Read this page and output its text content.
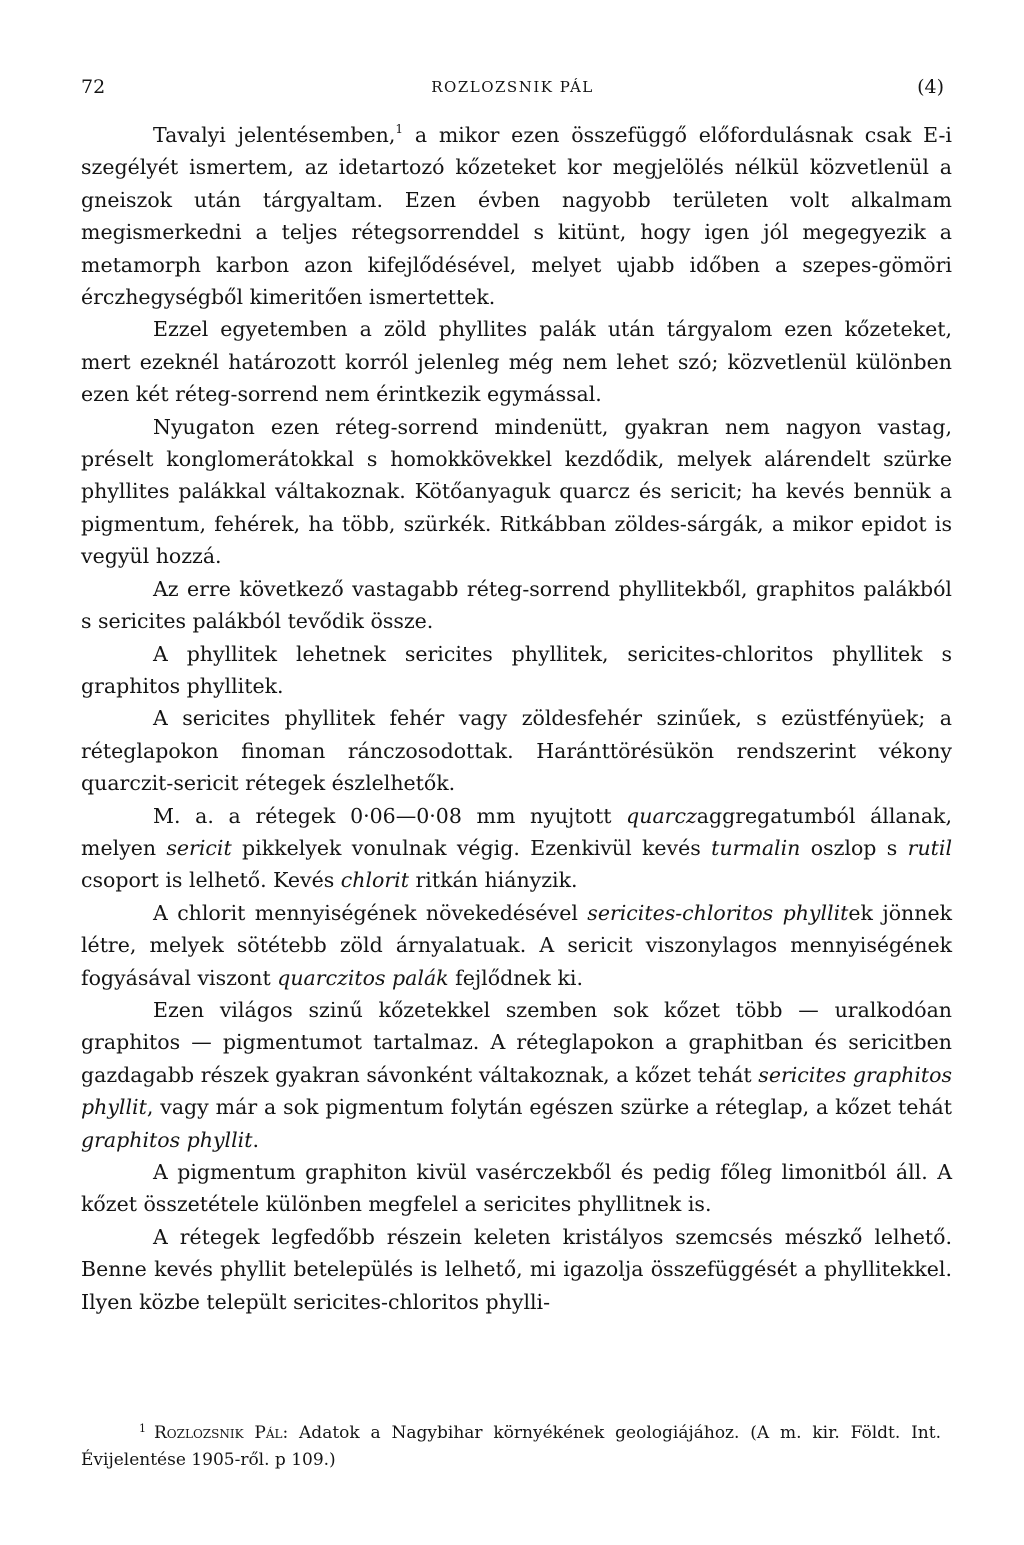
72	ROZLOZSNIK PÁL	(4)

Tavalyi jelentésemben,$^1$ a mikor ezen összefüggő előfordulásnak csak E-i szegélyét ismertem, az idetartozó kőzeteket kor megjelölés nélkül közvetlenül a gneiszok után tárgyaltam. Ezen évben nagyobb területen volt alkalmam megismerkedni a teljes rétegsorrenddel s kitünt, hogy igen jól megegyezik a metamorph karbon azon kifejlődésével, melyet ujabb időben a szepes-gömöri érczhegységből kimeritően ismertettek.

Ezzel egyetemben a zöld phyllites palák után tárgyalom ezen kőzeteket, mert ezeknél határozott korról jelenleg még nem lehet szó; közvetlenül különben ezen két réteg-sorrend nem érintkezik egymással.

Nyugaton ezen réteg-sorrend mindenütt, gyakran nem nagyon vastag, préselt konglomerátokkal s homokkövekkel kezdődik, melyek alárendelt szürke phyllites palákkal váltakoznak. Kötőanyaguk quarcz és sericit; ha kevés bennük a pigmentum, fehérek, ha több, szürkék. Ritkábban zöldes-sárgák, a mikor epidot is vegyül hozzá.

Az erre következő vastagabb réteg-sorrend phyllitekből, graphitos palákból s sericites palákból tevődik össze.

A phyllitek lehetnek sericites phyllitek, sericites-chloritos phyllitek s graphitos phyllitek.

A sericites phyllitek fehér vagy zöldesfehér szinűek, s ezüstfényüek; a réteglapokon finoman ránczosodottak. Haránttörésükön rendszerint vékony quarczit-sericit rétegek észlelhetők.

M. a. a rétegek 0·06—0·08 mm nyujtott quarczaggregatumból állanak, melyen sericit pikkelyek vonulnak végig. Ezenkivül kevés turmalin oszlop s rutil csoport is lelhető. Kevés chlorit ritkán hiányzik.

A chlorit mennyiségének növekedésével sericites-chloritos phyllitek jönnek létre, melyek sötétebb zöld árnyalatuak. A sericit viszonylagos mennyiségének fogyásával viszont quarczitos palák fejlődnek ki.

Ezen világos szinű kőzetekkel szemben sok kőzet több — uralkodóan graphitos — pigmentumot tartalmaz. A réteglapokon a graphitban és sericitben gazdagabb részek gyakran sávonként váltakoznak, a kőzet tehát sericites graphitos phyllit, vagy már a sok pigmentum folytán egészen szürke a réteglap, a kőzet tehát graphitos phyllit.

A pigmentum graphiton kivül vasérczekből és pedig főleg limonitból áll. A kőzet összetétele különben megfelel a sericites phyllitnek is.

A rétegek legfedőbb részein keleten kristályos szemcsés mészkő lelhető. Benne kevés phyllit betelepülés is lelhető, mi igazolja összefüggését a phyllitekkel. Ilyen közbe települt sericites-chloritos phylli-

$^1$ Rozlozsnik Pál: Adatok a Nagybihar környékének geologiájához. (A m. kir. Földt. Int. Évijelentése 1905-ről. p 109.)
